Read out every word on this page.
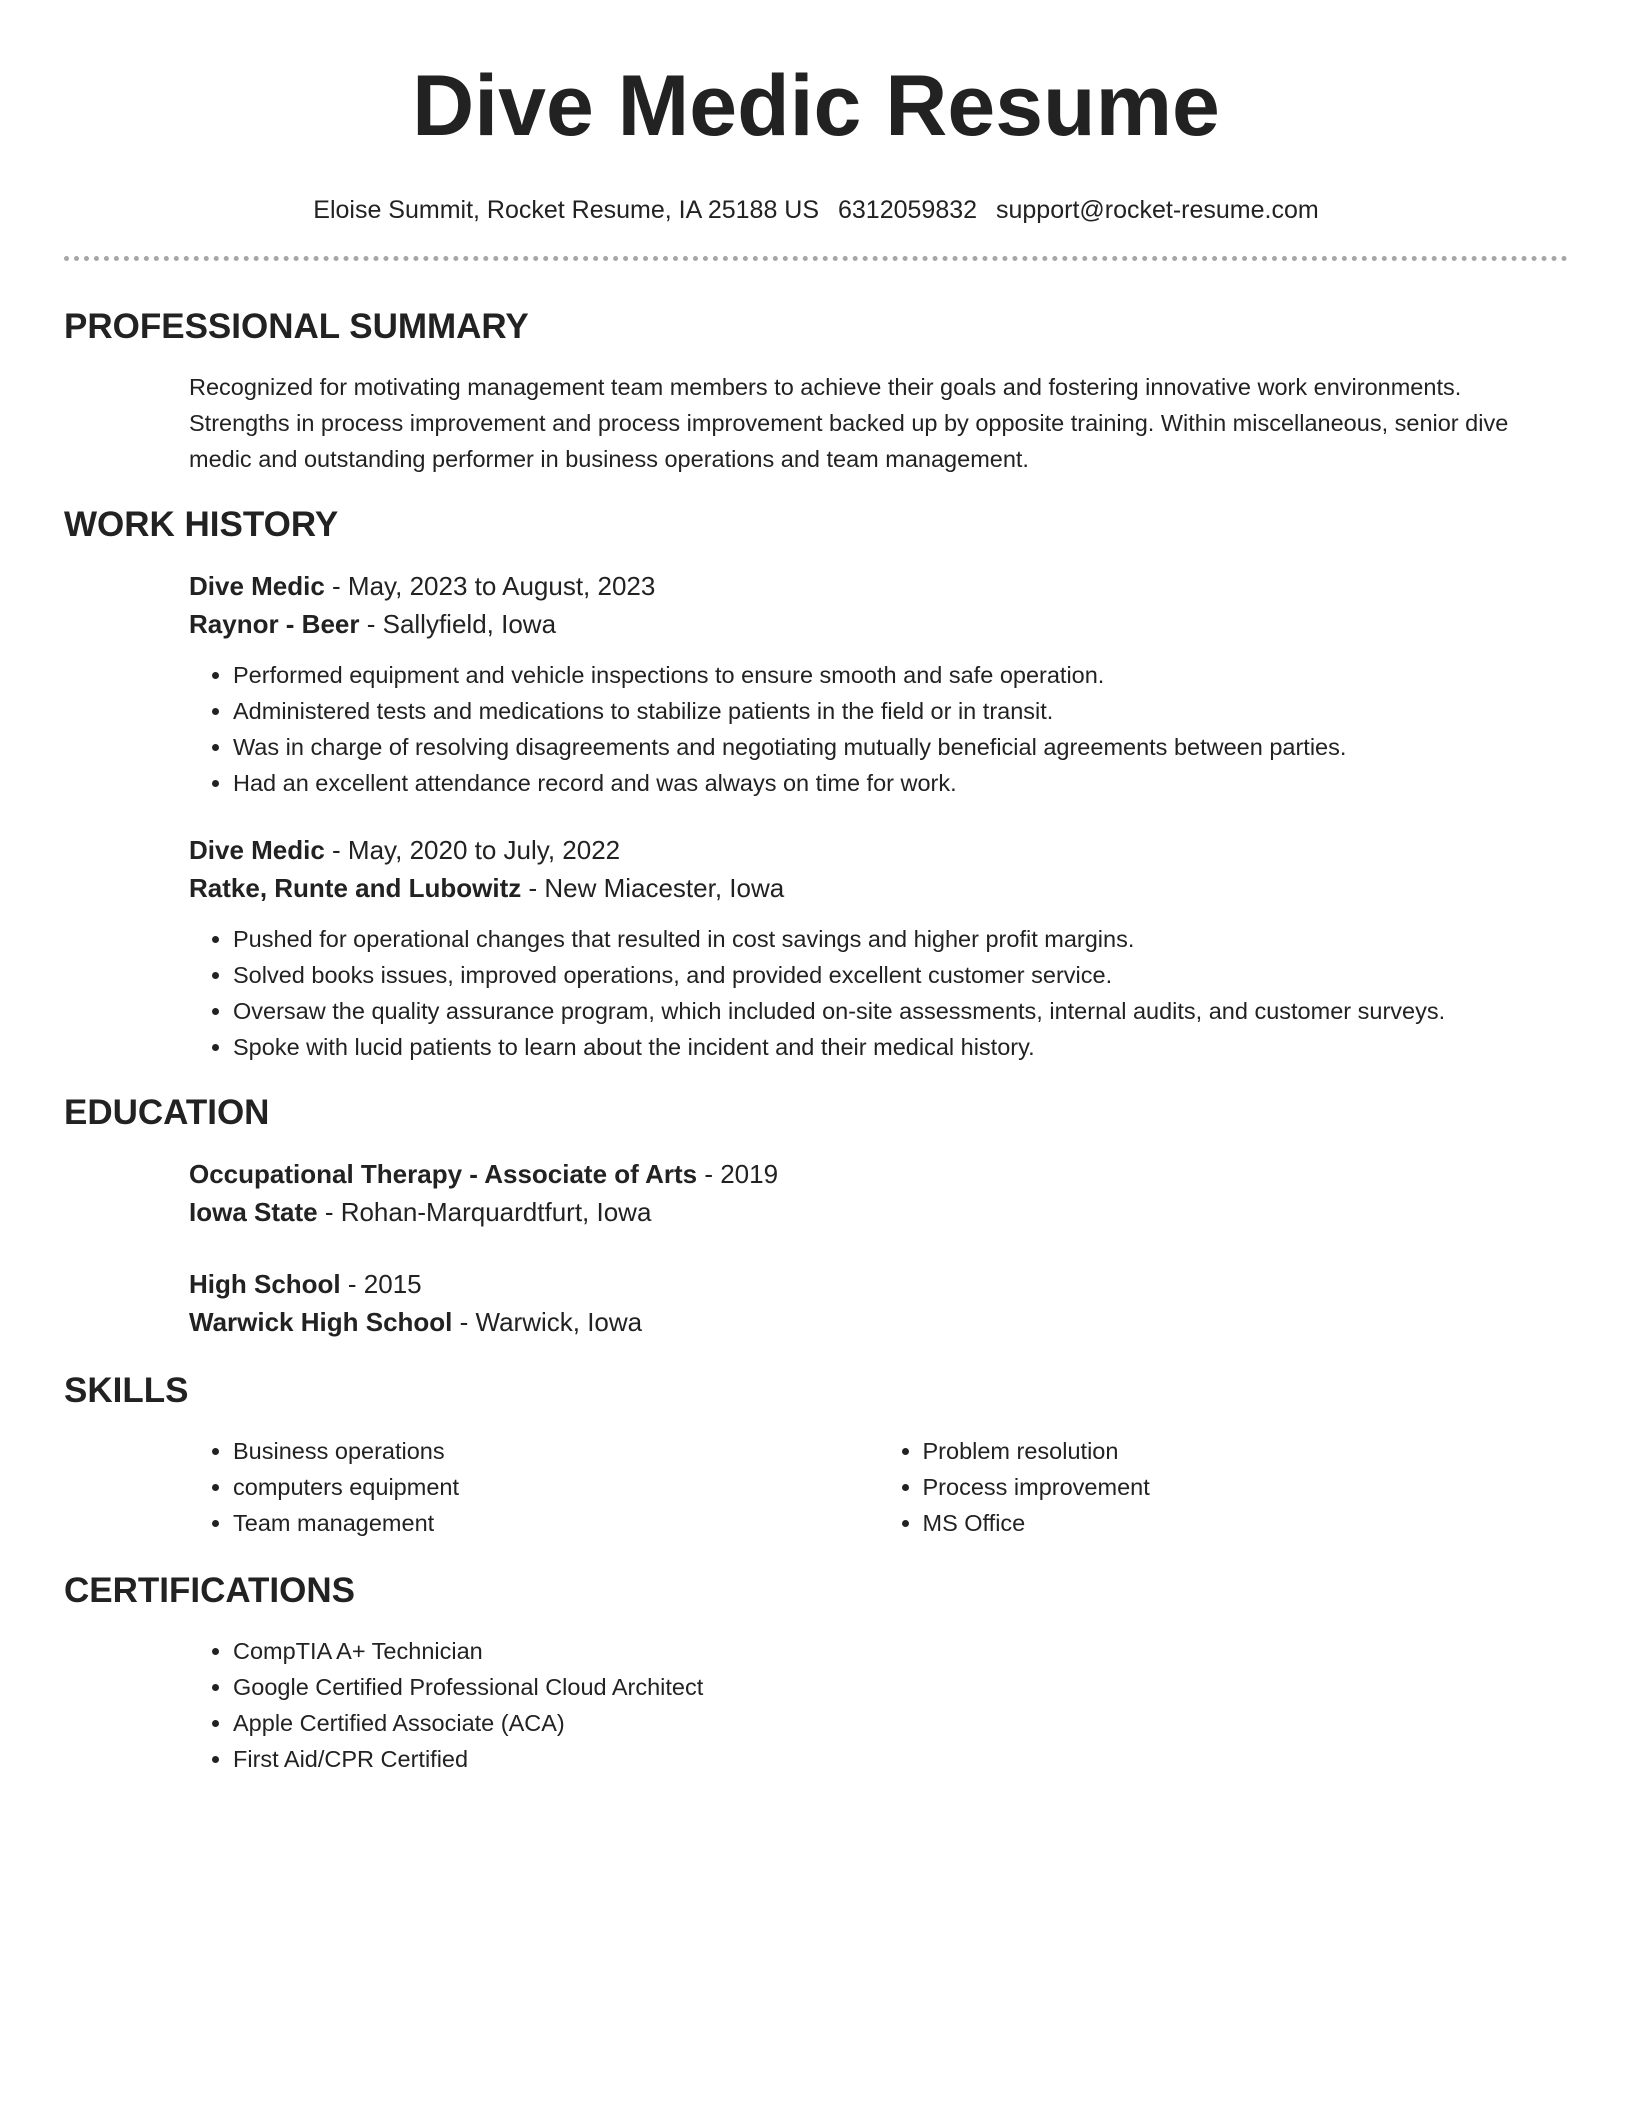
Dive Medic Resume
Eloise Summit, Rocket Resume, IA 25188 US 6312059832 support@rocket-resume.com
PROFESSIONAL SUMMARY

Recognized for motivating management team members to achieve their goals and fostering innovative work environments. Strengths in process improvement and process improvement backed up by opposite training. Within miscellaneous, senior dive medic and outstanding performer in business operations and team management.

WORK HISTORY
Dive Medic - May, 2023 to August, 2023
Raynor - Beer - Sallyfield, Iowa
• Performed equipment and vehicle inspections to ensure smooth and safe operation.
• Administered tests and medications to stabilize patients in the field or in transit.
• Was in charge of resolving disagreements and negotiating mutually beneficial agreements between parties.
• Had an excellent attendance record and was always on time for work.
Dive Medic - May, 2020 to July, 2022
Ratke, Runte and Lubowitz - New Miacester, Iowa
• Pushed for operational changes that resulted in cost savings and higher profit margins.
• Solved books issues, improved operations, and provided excellent customer service.
• Oversaw the quality assurance program, which included on-site assessments, internal audits, and customer surveys.
• Spoke with lucid patients to learn about the incident and their medical history.
EDUCATION
Occupational Therapy - Associate of Arts - 2019
Iowa State - Rohan-Marquardtfurt, Iowa
High School - 2015
Warwick High School - Warwick, Iowa
SKILLS
• Business operations
• computers equipment
• Team management
• Problem resolution
• Process improvement
• MS Office
CERTIFICATIONS
• CompTIA A+ Technician
• Google Certified Professional Cloud Architect
• Apple Certified Associate (ACA)
• First Aid/CPR Certified
